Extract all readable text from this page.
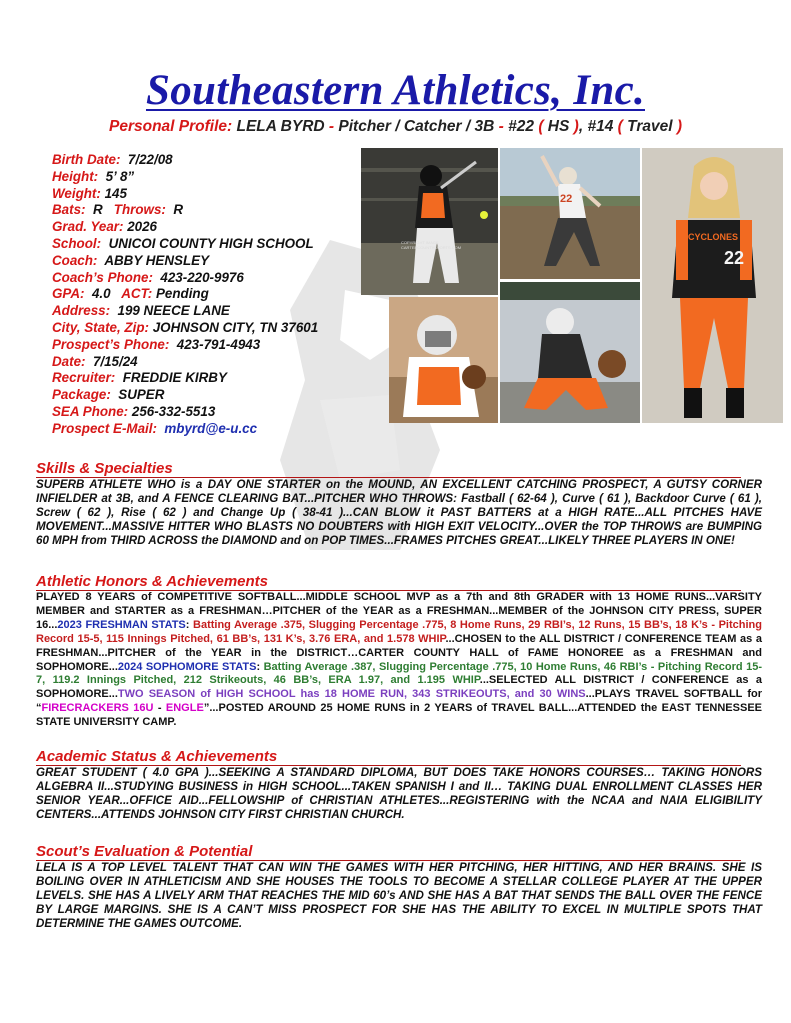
Southeastern Athletics, Inc.
Personal Profile: LELA BYRD - Pitcher / Catcher / 3B - #22 ( HS ), #14 ( Travel )
Birth Date: 7/22/08
Height: 5’ 8”
Weight: 145
Bats: R Throws: R
Grad. Year: 2026
School: UNICOI COUNTY HIGH SCHOOL
Coach: ABBY HENSLEY
Coach’s Phone: 423-220-9976
GPA: 4.0 ACT: Pending
Address: 199 NEECE LANE
City, State, Zip: JOHNSON CITY, TN 37601
Prospect’s Phone: 423-791-4943
Date: 7/15/24
Recruiter: FREDDIE KIRBY
Package: SUPER
SEA Phone: 256-332-5513
Prospect E-Mail: mbyrd@e-u.cc
COPYRIGHT IMAGE CARTERCOUNTYSPORTS.COM
22
CYCLONES
22
Skills & Specialties
SUPERB ATHLETE WHO is a DAY ONE STARTER on the MOUND, AN EXCELLENT CATCHING PROSPECT, A GUTSY CORNER INFIELDER at 3B, and A FENCE CLEARING BAT...PITCHER WHO THROWS: Fastball ( 62-64 ), Curve ( 61 ), Backdoor Curve ( 61 ), Screw ( 62 ), Rise ( 62 ) and Change Up ( 38-41 )...CAN BLOW it PAST BATTERS at a HIGH RATE...ALL PITCHES HAVE MOVEMENT...MASSIVE HITTER WHO BLASTS NO DOUBTERS with HIGH EXIT VELOCITY...OVER the TOP THROWS are BUMPING 60 MPH from THIRD ACROSS the DIAMOND and on POP TIMES...FRAMES PITCHES GREAT...LIKELY THREE PLAYERS IN ONE!
Athletic Honors & Achievements
PLAYED 8 YEARS of COMPETITIVE SOFTBALL...MIDDLE SCHOOL MVP as a 7th and 8th GRADER with 13 HOME RUNS...VARSITY MEMBER and STARTER as a FRESHMAN…PITCHER of the YEAR as a FRESHMAN...MEMBER of the JOHNSON CITY PRESS, SUPER 16...2023 FRESHMAN STATS: Batting Average .375, Slugging Percentage .775, 8 Home Runs, 29 RBI’s, 12 Runs, 15 BB’s, 18 K’s - Pitching Record 15-5, 115 Innings Pitched, 61 BB’s, 131 K’s, 3.76 ERA, and 1.578 WHIP...CHOSEN to the ALL DISTRICT / CONFERENCE TEAM as a FRESHMAN...PITCHER of the YEAR in the DISTRICT…CARTER COUNTY HALL of FAME HONOREE as a FRESHMAN and SOPHOMORE...2024 SOPHOMORE STATS: Batting Average .387, Slugging Percentage .775, 10 Home Runs, 46 RBI’s - Pitching Record 15-7, 119.2 Innings Pitched, 212 Strikeouts, 46 BB’s, ERA 1.97, and 1.195 WHIP...SELECTED ALL DISTRICT / CONFERENCE as a SOPHOMORE...TWO SEASON of HIGH SCHOOL has 18 HOME RUN, 343 STRIKEOUTS, and 30 WINS...PLAYS TRAVEL SOFTBALL for “FIRECRACKERS 16U - ENGLE”...POSTED AROUND 25 HOME RUNS in 2 YEARS of TRAVEL BALL...ATTENDED the EAST TENNESSEE STATE UNIVERSITY CAMP.
Academic Status & Achievements
GREAT STUDENT ( 4.0 GPA )...SEEKING A STANDARD DIPLOMA, BUT DOES TAKE HONORS COURSES… TAKING HONORS ALGEBRA II...STUDYING BUSINESS in HIGH SCHOOL...TAKEN SPANISH I and II… TAKING DUAL ENROLLMENT CLASSES HER SENIOR YEAR...OFFICE AID...FELLOWSHIP of CHRISTIAN ATHLETES...REGISTERING with the NCAA and NAIA ELIGIBILITY CENTERS...ATTENDS JOHNSON CITY FIRST CHRISTIAN CHURCH.
Scout’s Evaluation & Potential
LELA IS A TOP LEVEL TALENT THAT CAN WIN THE GAMES WITH HER PITCHING, HER HITTING, AND HER BRAINS. SHE IS BOILING OVER IN ATHLETICISM AND SHE HOUSES THE TOOLS TO BECOME A STELLAR COLLEGE PLAYER AT THE UPPER LEVELS. SHE HAS A LIVELY ARM THAT REACHES THE MID 60’s AND SHE HAS A BAT THAT SENDS THE BALL OVER THE FENCE BY LARGE MARGINS. SHE IS A CAN’T MISS PROSPECT FOR SHE HAS THE ABILITY TO EXCEL IN MULTIPLE SPOTS THAT DETERMINE THE GAMES OUTCOME.
